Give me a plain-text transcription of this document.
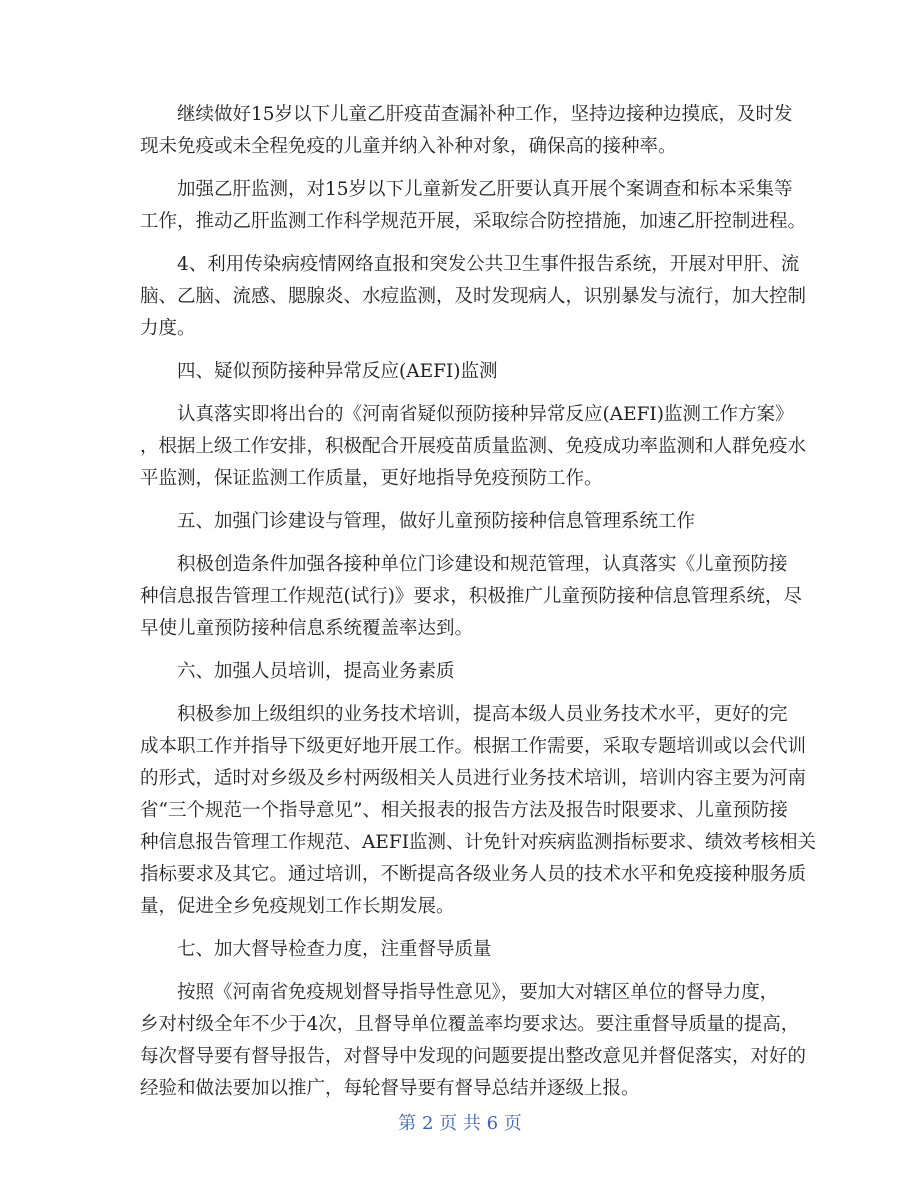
继续做好15岁以下儿童乙肝疫苗查漏补种工作，坚持边接种边摸底，及时发
现未免疫或未全程免疫的儿童并纳入补种对象，确保高的接种率。
加强乙肝监测，对15岁以下儿童新发乙肝要认真开展个案调查和标本采集等
工作，推动乙肝监测工作科学规范开展，采取综合防控措施，加速乙肝控制进程。
4、利用传染病疫情网络直报和突发公共卫生事件报告系统，开展对甲肝、流
脑、乙脑、流感、腮腺炎、水痘监测，及时发现病人，识别暴发与流行，加大控制
力度。
四、疑似预防接种异常反应(AEFI)监测
认真落实即将出台的《河南省疑似预防接种异常反应(AEFI)监测工作方案》
，根据上级工作安排，积极配合开展疫苗质量监测、免疫成功率监测和人群免疫水
平监测，保证监测工作质量，更好地指导免疫预防工作。
五、加强门诊建设与管理，做好儿童预防接种信息管理系统工作
积极创造条件加强各接种单位门诊建设和规范管理，认真落实《儿童预防接
种信息报告管理工作规范(试行)》要求，积极推广儿童预防接种信息管理系统，尽
早使儿童预防接种信息系统覆盖率达到。
六、加强人员培训，提高业务素质
积极参加上级组织的业务技术培训，提高本级人员业务技术水平，更好的完
成本职工作并指导下级更好地开展工作。根据工作需要，采取专题培训或以会代训
的形式，适时对乡级及乡村两级相关人员进行业务技术培训，培训内容主要为河南
省“三个规范一个指导意见”、相关报表的报告方法及报告时限要求、儿童预防接
种信息报告管理工作规范、AEFI监测、计免针对疾病监测指标要求、绩效考核相关
指标要求及其它。通过培训，不断提高各级业务人员的技术水平和免疫接种服务质
量，促进全乡免疫规划工作长期发展。
七、加大督导检查力度，注重督导质量
按照《河南省免疫规划督导指导性意见》，要加大对辖区单位的督导力度，
乡对村级全年不少于4次，且督导单位覆盖率均要求达。要注重督导质量的提高，
每次督导要有督导报告，对督导中发现的问题要提出整改意见并督促落实，对好的
经验和做法要加以推广，每轮督导要有督导总结并逐级上报。
第 2 页 共 6 页
